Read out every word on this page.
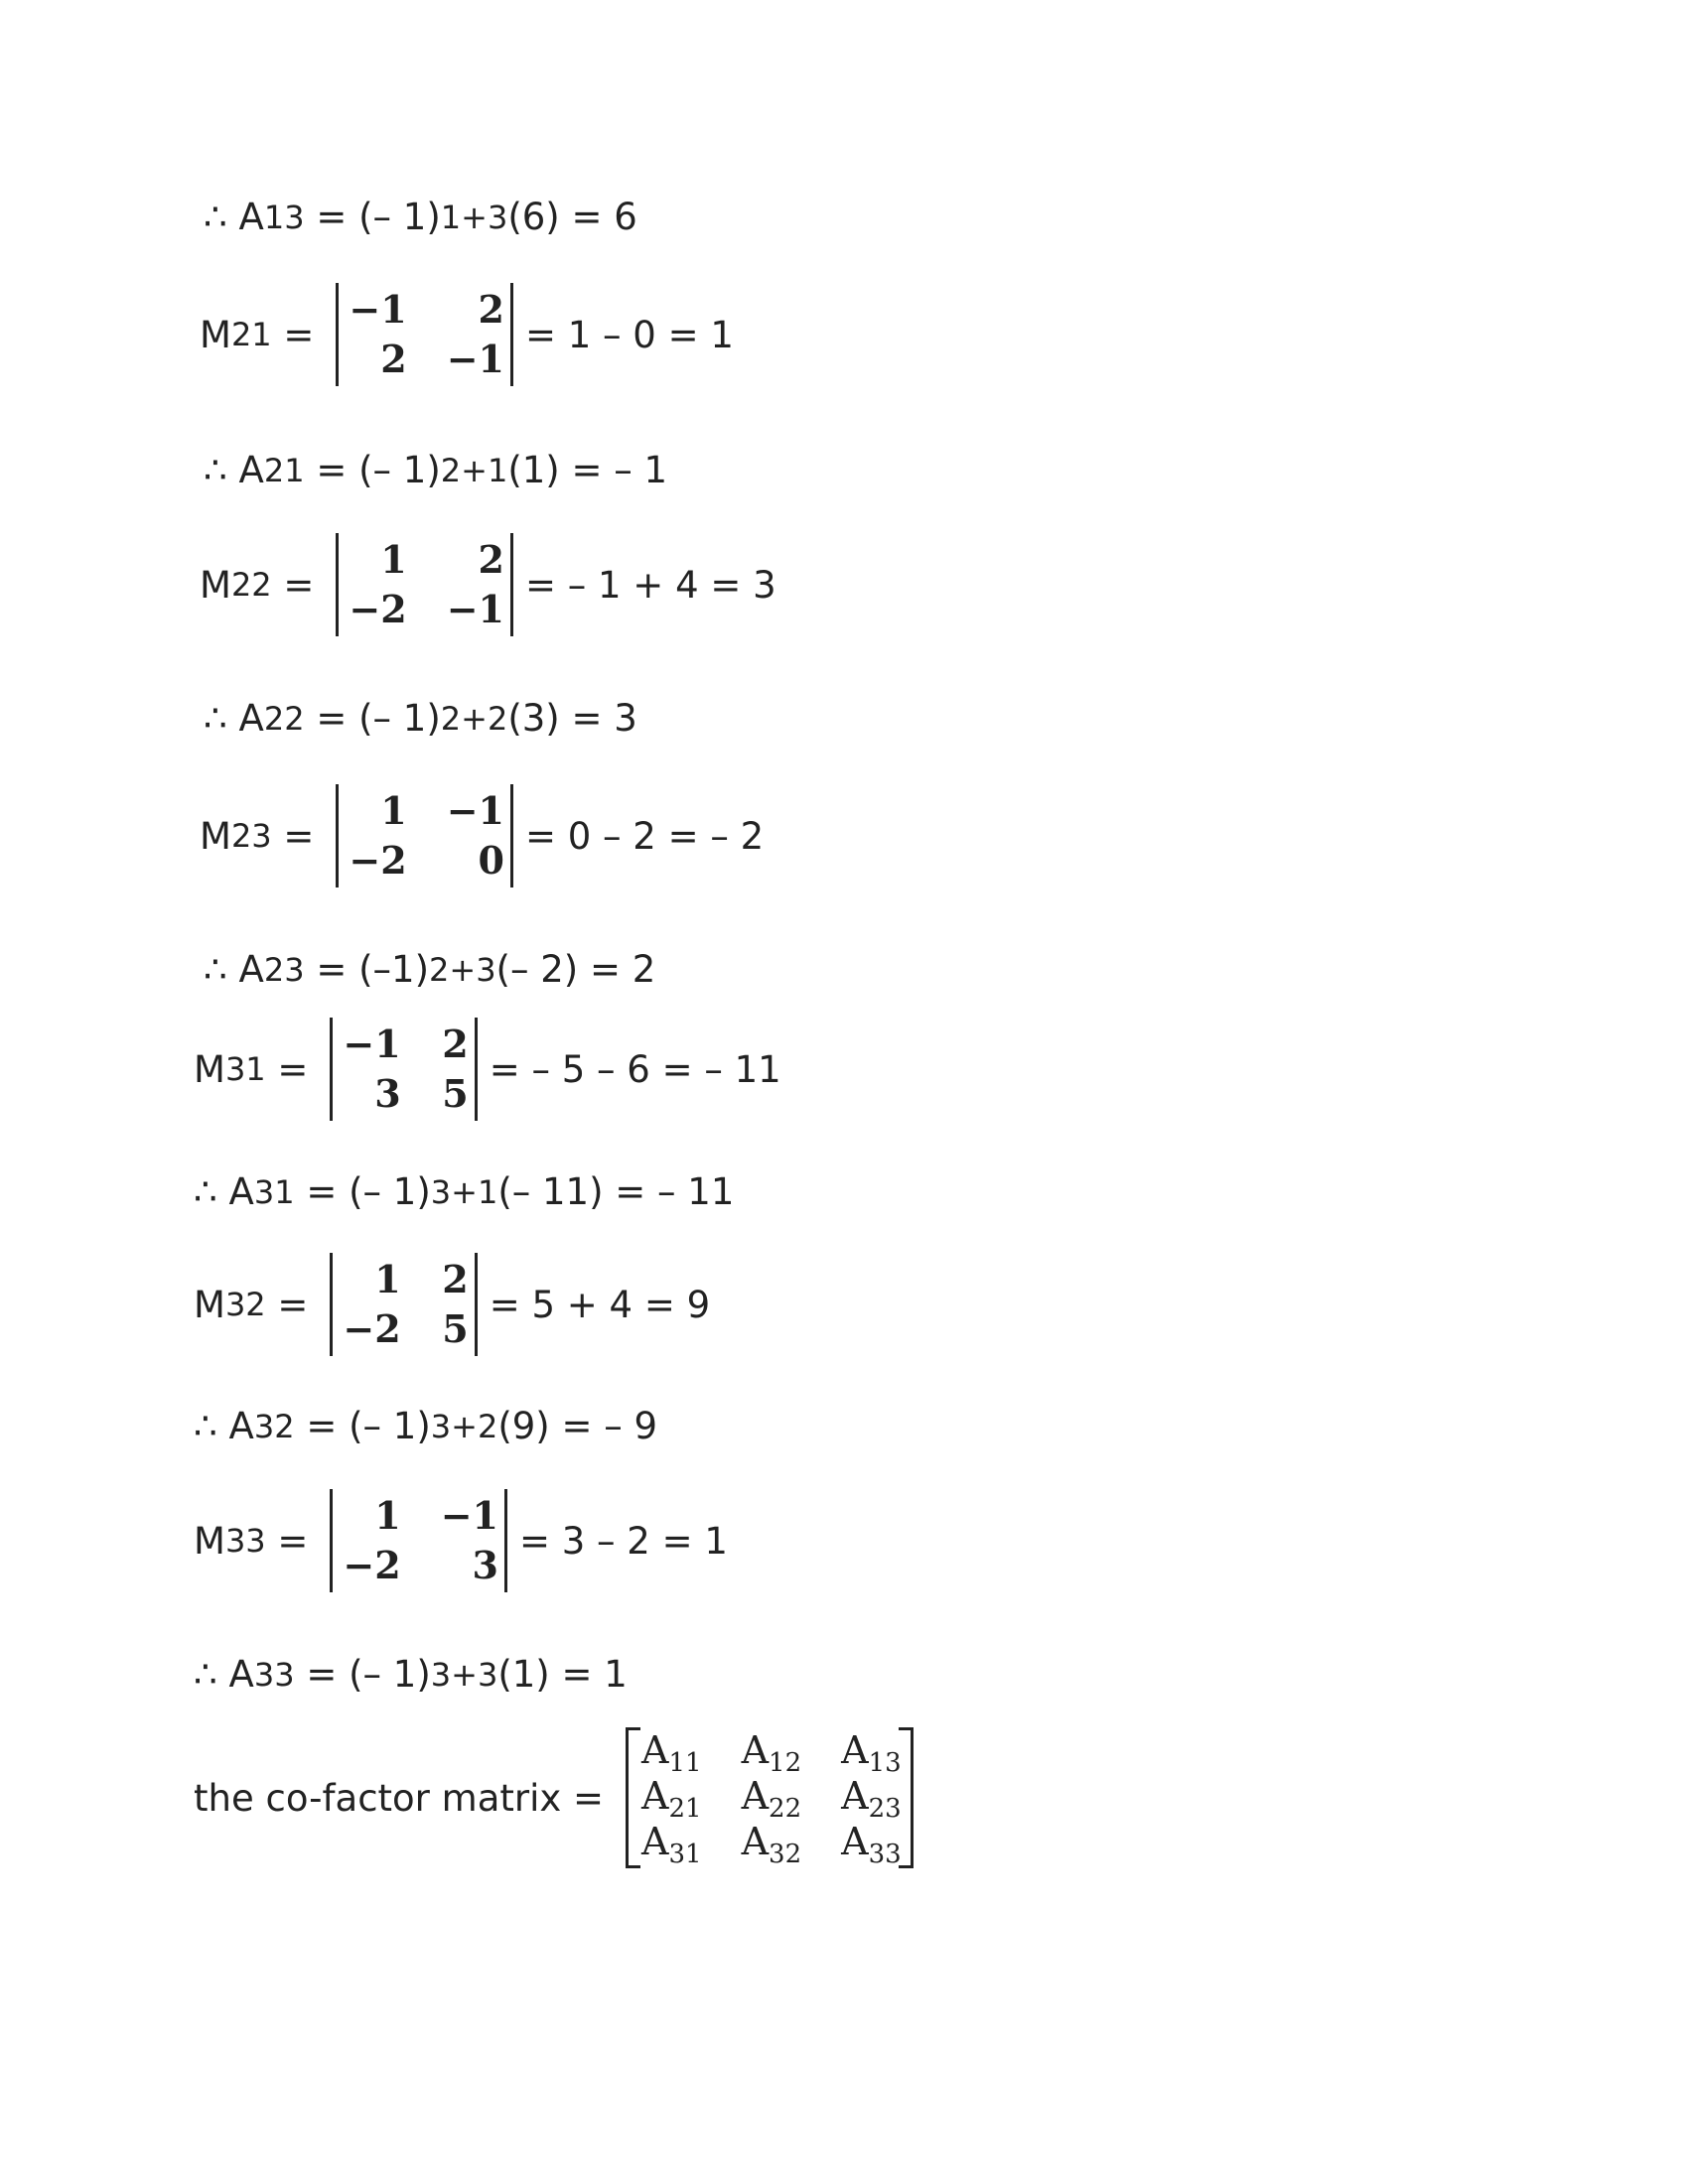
∴ A 13 = (– 1) 1+3 (6) = 6
M 21 =
−1	2
2 −1
= 1 – 0 = 1
∴ A 21 = (– 1) 2+1 (1) = – 1
M 22 =
1	2
−2 −1
= – 1 + 4 = 3
∴ A 22 = (– 1) 2+2 (3) = 3
M 23 =
1 −1
−2	0
= 0 – 2 = – 2
∴ A 23 = (–1) 2+3 (– 2) = 2
M 31 =
−1	2
3	5
= – 5 – 6 = – 11
∴ A 31 = (– 1) 3+1 (– 11) = – 11
M 32 =
1	2
−2	5
= 5 + 4 = 9
∴ A 32 = (– 1) 3+2 (9) = – 9
M 33 =
1 −1
−2	3
= 3 – 2 = 1
∴ A 33 = (– 1) 3+3 (1) = 1
the co-factor matrix =
$A_{11}$ $A_{12}$ $A_{13}$
$A_{21}$ $A_{22}$ $A_{23}$
$A_{31}$ $A_{32}$ $A_{33}$
